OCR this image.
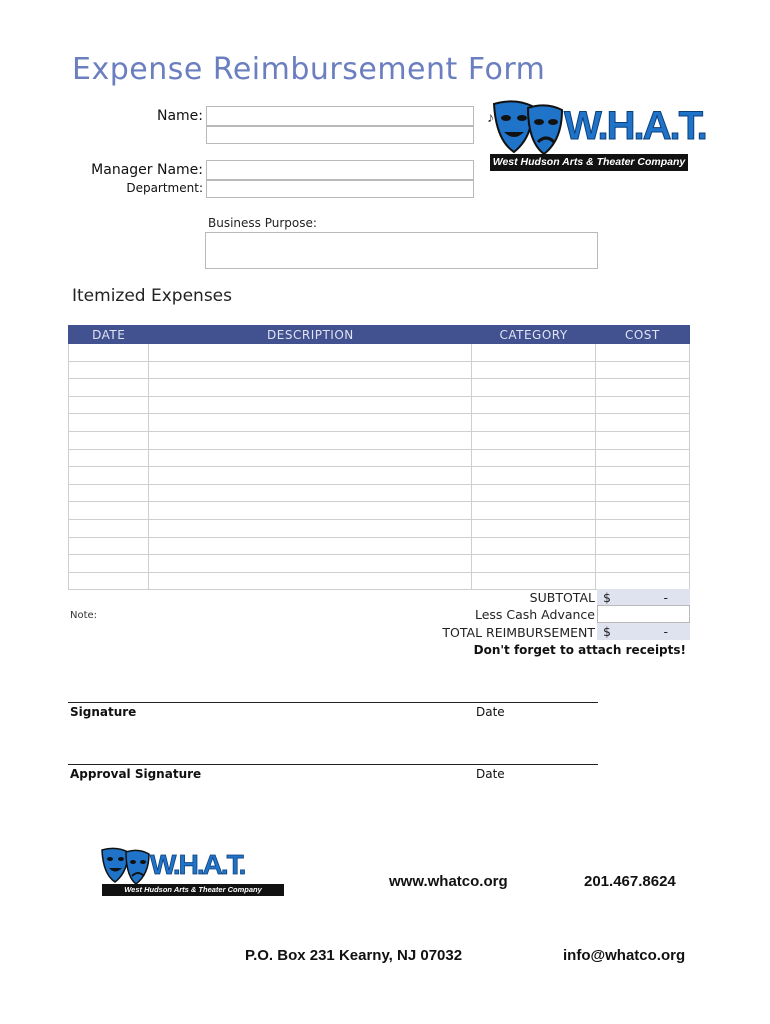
Expense Reimbursement Form
Name:
Manager Name:
Department:
Business Purpose:
♪ W.H.A.T.
West Hudson Arts & Theater Company
Itemized Expenses
DATE	DESCRIPTION	CATEGORY	COST

SUBTOTAL $	-
Less Cash Advance
TOTAL REIMBURSEMENT $	-
Don't forget to attach receipts!
Note:
Signature	Date
Approval Signature	Date
W.H.A.T.
West Hudson Arts & Theater Company	www.whatco.org	201.467.8624
P.O. Box 231 Kearny, NJ 07032	info@whatco.org
